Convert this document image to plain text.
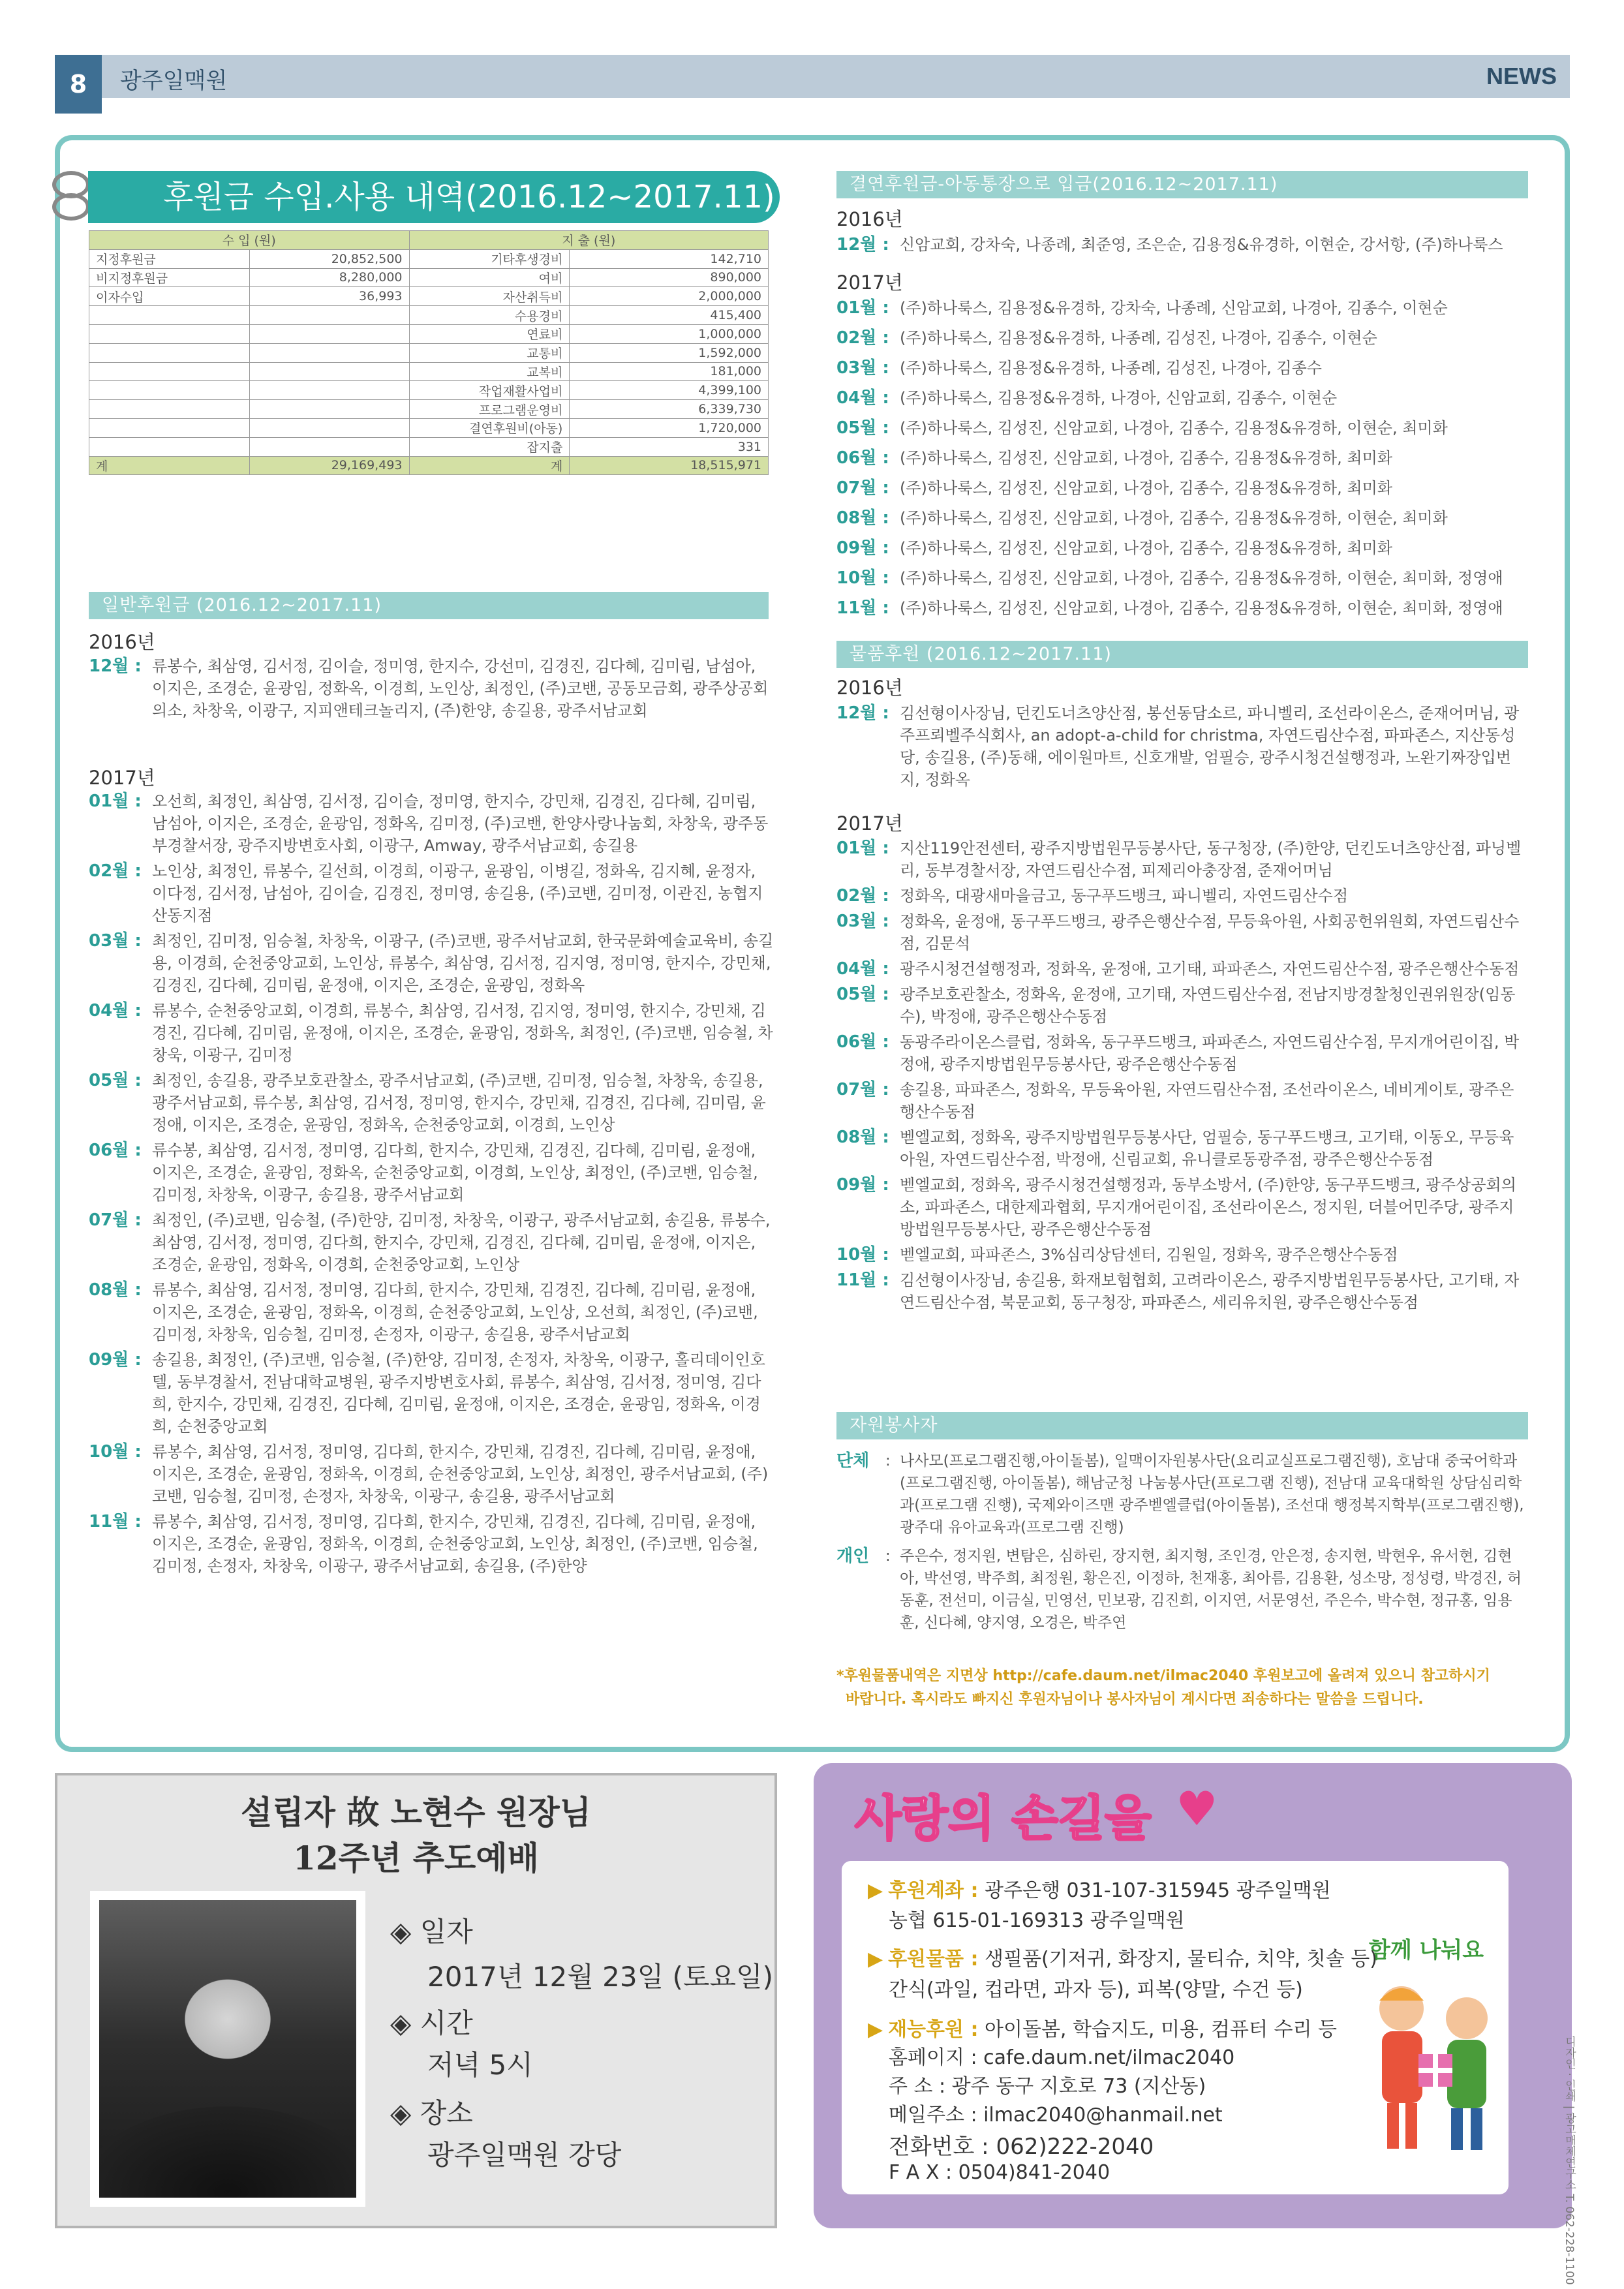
8	광주일맥원	NEWS
후원금 수입.사용 내역(2016.12~2017.11)
수 입 (원)		지 출 (원)	
지정후원금	20,852,500	기타후생경비	142,710
비지정후원금	8,280,000	여비	890,000
이자수입	36,993	자산취득비	2,000,000
		수용경비	415,400
		연료비	1,000,000
		교통비	1,592,000
		교복비	181,000
		작업재활사업비	4,399,100
		프로그램운영비	6,339,730
		결연후원비(아동)	1,720,000
		잡지출	331
계	29,169,493	계	18,515,971
일반후원금 (2016.12~2017.11)
2016년
12월 : 류봉수, 최삼영, 김서정, 김이슬, 정미영, 한지수, 강선미, 김경진, 김다혜, 김미림, 남섬아, 이지은, 조경순, 윤광임, 정화옥, 이경희, 노인상, 최정인, (주)코밴, 공동모금회, 광주상공회의소, 차창욱, 이광구, 지피앤테크놀리지, (주)한양, 송길용, 광주서남교회
2017년
01월 : 오선희, 최정인, 최삼영, 김서정, 김이슬, 정미영, 한지수, 강민채, 김경진, 김다혜, 김미림, 남섬아, 이지은, 조경순, 윤광임, 정화옥, 김미정, (주)코밴, 한양사랑나눔회, 차창욱, 광주동부경찰서장, 광주지방변호사회, 이광구, Amway, 광주서남교회, 송길용
02월 : 노인상, 최정인, 류봉수, 길선희, 이경희, 이광구, 윤광임, 이병길, 정화옥, 김지혜, 윤정자, 이다정, 김서정, 남섬아, 김이슬, 김경진, 정미영, 송길용, (주)코밴, 김미정, 이관진, 농협지산동지점
03월 : 최정인, 김미정, 임승철, 차창욱, 이광구, (주)코밴, 광주서남교회, 한국문화예술교육비, 송길용, 이경희, 순천중앙교회, 노인상, 류봉수, 최삼영, 김서정, 김지영, 정미영, 한지수, 강민채, 김경진, 김다혜, 김미림, 윤정애, 이지은, 조경순, 윤광임, 정화옥
04월 : 류봉수, 순천중앙교회, 이경희, 류봉수, 최삼영, 김서정, 김지영, 정미영, 한지수, 강민채, 김경진, 김다혜, 김미림, 윤정애, 이지은, 조경순, 윤광임, 정화옥, 최정인, (주)코밴, 임승철, 차창욱, 이광구, 김미정
05월 : 최정인, 송길용, 광주보호관찰소, 광주서남교회, (주)코밴, 김미정, 임승철, 차창욱, 송길용, 광주서남교회, 류수봉, 최삼영, 김서정, 정미영, 한지수, 강민채, 김경진, 김다혜, 김미림, 윤정애, 이지은, 조경순, 윤광임, 정화옥, 순천중앙교회, 이경희, 노인상
06월 : 류수봉, 최삼영, 김서정, 정미영, 김다희, 한지수, 강민채, 김경진, 김다혜, 김미림, 윤정애, 이지은, 조경순, 윤광임, 정화옥, 순천중앙교회, 이경희, 노인상, 최정인, (주)코밴, 임승철, 김미정, 차창욱, 이광구, 송길용, 광주서남교회
07월 : 최정인, (주)코밴, 임승철, (주)한양, 김미정, 차창욱, 이광구, 광주서남교회, 송길용, 류봉수, 최삼영, 김서정, 정미영, 김다희, 한지수, 강민채, 김경진, 김다혜, 김미림, 윤정애, 이지은, 조경순, 윤광임, 정화옥, 이경희, 순천중앙교회, 노인상
08월 : 류봉수, 최삼영, 김서정, 정미영, 김다희, 한지수, 강민채, 김경진, 김다혜, 김미림, 윤정애, 이지은, 조경순, 윤광임, 정화옥, 이경희, 순천중앙교회, 노인상, 오선희, 최정인, (주)코밴, 김미정, 차창욱, 임승철, 김미정, 손정자, 이광구, 송길용, 광주서남교회
09월 : 송길용, 최정인, (주)코밴, 임승철, (주)한양, 김미정, 손정자, 차창욱, 이광구, 홀리데이인호텔, 동부경찰서, 전남대학교병원, 광주지방변호사회, 류봉수, 최삼영, 김서정, 정미영, 김다희, 한지수, 강민채, 김경진, 김다혜, 김미림, 윤정애, 이지은, 조경순, 윤광임, 정화옥, 이경희, 순천중앙교회
10월 : 류봉수, 최삼영, 김서정, 정미영, 김다희, 한지수, 강민채, 김경진, 김다혜, 김미림, 윤정애, 이지은, 조경순, 윤광임, 정화옥, 이경희, 순천중앙교회, 노인상, 최정인, 광주서남교회, (주)코밴, 임승철, 김미정, 손정자, 차창욱, 이광구, 송길용, 광주서남교회
11월 : 류봉수, 최삼영, 김서정, 정미영, 김다희, 한지수, 강민채, 김경진, 김다혜, 김미림, 윤정애, 이지은, 조경순, 윤광임, 정화옥, 이경희, 순천중앙교회, 노인상, 최정인, (주)코밴, 임승철, 김미정, 손정자, 차창욱, 이광구, 광주서남교회, 송길용, (주)한양
결연후원금-아동통장으로 입금(2016.12~2017.11)
2016년
12월 : 신암교회, 강차숙, 나종례, 최준영, 조은순, 김용정&유경하, 이현순, 강서항, (주)하나룩스
2017년
01월 : (주)하나룩스, 김용정&유경하, 강차숙, 나종례, 신암교회, 나경아, 김종수, 이현순
02월 : (주)하나룩스, 김용정&유경하, 나종례, 김성진, 나경아, 김종수, 이현순
03월 : (주)하나룩스, 김용정&유경하, 나종례, 김성진, 나경아, 김종수
04월 : (주)하나룩스, 김용정&유경하, 나경아, 신암교회, 김종수, 이현순
05월 : (주)하나룩스, 김성진, 신암교회, 나경아, 김종수, 김용정&유경하, 이현순, 최미화
06월 : (주)하나룩스, 김성진, 신암교회, 나경아, 김종수, 김용정&유경하, 최미화
07월 : (주)하나룩스, 김성진, 신암교회, 나경아, 김종수, 김용정&유경하, 최미화
08월 : (주)하나룩스, 김성진, 신암교회, 나경아, 김종수, 김용정&유경하, 이현순, 최미화
09월 : (주)하나룩스, 김성진, 신암교회, 나경아, 김종수, 김용정&유경하, 최미화
10월 : (주)하나룩스, 김성진, 신암교회, 나경아, 김종수, 김용정&유경하, 이현순, 최미화, 정영애
11월 : (주)하나룩스, 김성진, 신암교회, 나경아, 김종수, 김용정&유경하, 이현순, 최미화, 정영애
물품후원 (2016.12~2017.11)
2016년
12월 : 김선형이사장님, 던킨도너츠양산점, 봉선동담소르, 파니벨리, 조선라이온스, 준재어머님, 광주프뢰벨주식회사, an adopt-a-child for christma, 자연드림산수점, 파파존스, 지산동성당, 송길용, (주)동해, 에이원마트, 신호개발, 엄필승, 광주시청건설행정과, 노완기짜장입번지, 정화옥
2017년
01월 : 지산119안전센터, 광주지방법원무등봉사단, 동구청장, (주)한양, 던킨도너츠양산점, 파닝벨리, 동부경찰서장, 자연드림산수점, 피제리아충장점, 준재어머님
02월 : 정화옥, 대광새마을금고, 동구푸드뱅크, 파니벨리, 자연드림산수점
03월 : 정화옥, 윤정애, 동구푸드뱅크, 광주은행산수점, 무등육아원, 사회공헌위원회, 자연드림산수점, 김문석
04월 : 광주시청건설행정과, 정화옥, 윤정애, 고기태, 파파존스, 자연드림산수점, 광주은행산수동점
05월 : 광주보호관찰소, 정화옥, 윤정애, 고기태, 자연드림산수점, 전남지방경찰청인권위원장(임동수), 박정애, 광주은행산수동점
06월 : 동광주라이온스클럽, 정화옥, 동구푸드뱅크, 파파존스, 자연드림산수점, 무지개어린이집, 박정애, 광주지방법원무등봉사단, 광주은행산수동점
07월 : 송길용, 파파존스, 정화옥, 무등육아원, 자연드림산수점, 조선라이온스, 네비게이토, 광주은행산수동점
08월 : 벧엘교회, 정화옥, 광주지방법원무등봉사단, 엄필승, 동구푸드뱅크, 고기태, 이동오, 무등육아원, 자연드림산수점, 박정애, 신림교회, 유니클로동광주점, 광주은행산수동점
09월 : 벧엘교회, 정화옥, 광주시청건설행정과, 동부소방서, (주)한양, 동구푸드뱅크, 광주상공회의소, 파파존스, 대한제과협회, 무지개어린이집, 조선라이온스, 정지원, 더블어민주당, 광주지방법원무등봉사단, 광주은행산수동점
10월 : 벧엘교회, 파파존스, 3%심리상담센터, 김원일, 정화옥, 광주은행산수동점
11월 : 김선형이사장님, 송길용, 화재보험협회, 고려라이온스, 광주지방법원무등봉사단, 고기태, 자연드림산수점, 북문교회, 동구청장, 파파존스, 세리유치원, 광주은행산수동점
자원봉사자
단체	: 나사모(프로그램진행,아이돌봄), 일맥이자원봉사단(요리교실프로그램진행), 호남대 중국어학과(프로그램진행, 아이돌봄), 해남군청 나눔봉사단(프로그램 진행), 전남대 교육대학원 상담심리학과(프로그램 진행), 국제와이즈맨 광주벧엘클럽(아이돌봄), 조선대 행정복지학부(프로그램진행), 광주대 유아교육과(프로그램 진행)
개인	: 주은수, 정지원, 변탐은, 심하린, 장지현, 최지형, 조인경, 안은정, 송지현, 박현우, 유서현, 김현아, 박선영, 박주희, 최정원, 황은진, 이정하, 천재홍, 최아름, 김용환, 성소망, 정성령, 박경진, 허동훈, 전선미, 이금실, 민영선, 민보광, 김진희, 이지연, 서문영선, 주은수, 박수현, 정규홍, 임용훈, 신다혜, 양지영, 오경은, 박주연
*후원물품내역은 지면상 http://cafe.daum.net/ilmac2040 후원보고에 올려져 있으니 참고하시기
바랍니다. 혹시라도 빠지신 후원자님이나 봉사자님이 계시다면 죄송하다는 말씀을 드립니다.
설립자 故 노현수 원장님
12주년 추도예배
◈ 일자
2017년 12월 23일 (토요일)
◈ 시간
저녁 5시
◈ 장소
광주일맥원 강당
사랑의 손길을 ♥
▶ 후원계좌 : 광주은행 031-107-315945 광주일맥원
농협 615-01-169313 광주일맥원
▶ 후원물품 : 생필품(기저귀, 화장지, 물티슈, 치약, 칫솔 등)
간식(과일, 컵라면, 과자 등), 피복(양말, 수건 등)
▶ 재능후원 : 아이돌봄, 학습지도, 미용, 컴퓨터 수리 등
홈페이지 : cafe.daum.net/ilmac2040
주 소 : 광주 동구 지호로 73 (지산동)
메일주소 : ilmac2040@hanmail.net
전화번호 : 062)222-2040
F A X : 0504)841-2040
함께 나눠요
디자인 · 인쇄 | 광고매체연구소 T. 062-228-1100
